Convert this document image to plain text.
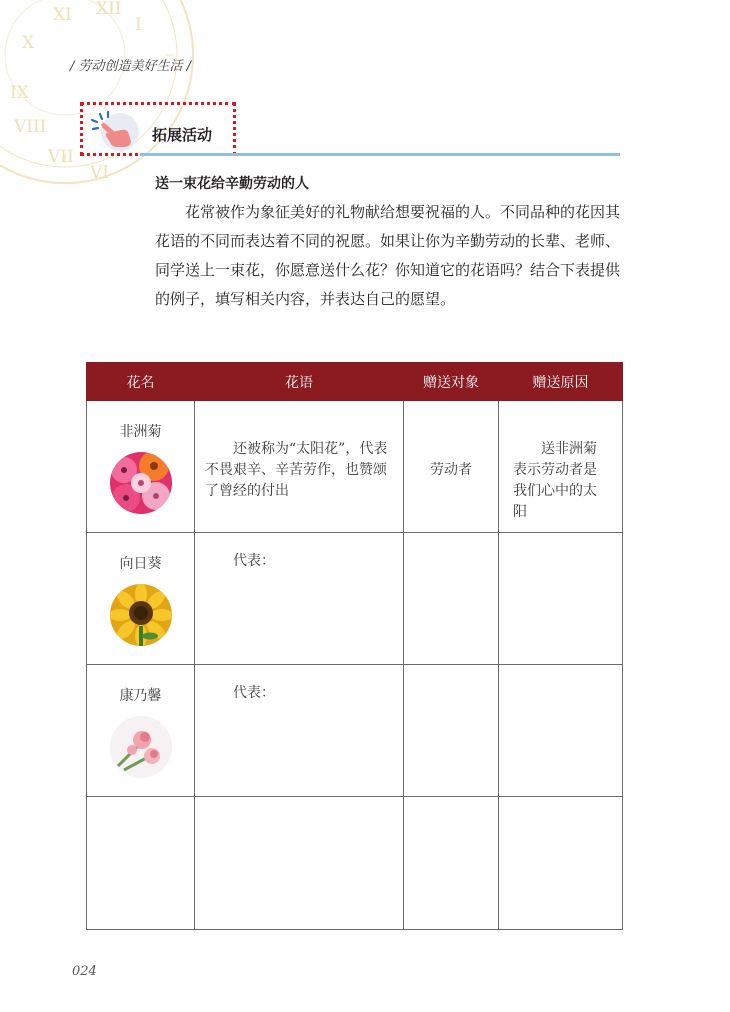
XII
I
XI
X
IX
VIII
VII
VI
/ 劳动创造美好生活 /
拓展活动
送一束花给辛勤劳动的人

花常被作为象征美好的礼物献给想要祝福的人。不同品种的花因其花语的不同而表达着不同的祝愿。如果让你为辛勤劳动的长辈、老师、同学送上一束花，你愿意送什么花？你知道它的花语吗？结合下表提供的例子，填写相关内容，并表达自己的愿望。

花名	花语	赠送对象	赠送原因

非洲菊	还被称为“太阳花”，代表不畏艰辛、辛苦劳作，也赞颂了曾经的付出	劳动者	送非洲菊表示劳动者是我们心中的太阳

向日葵	代表：		

康乃馨	代表：		

024
